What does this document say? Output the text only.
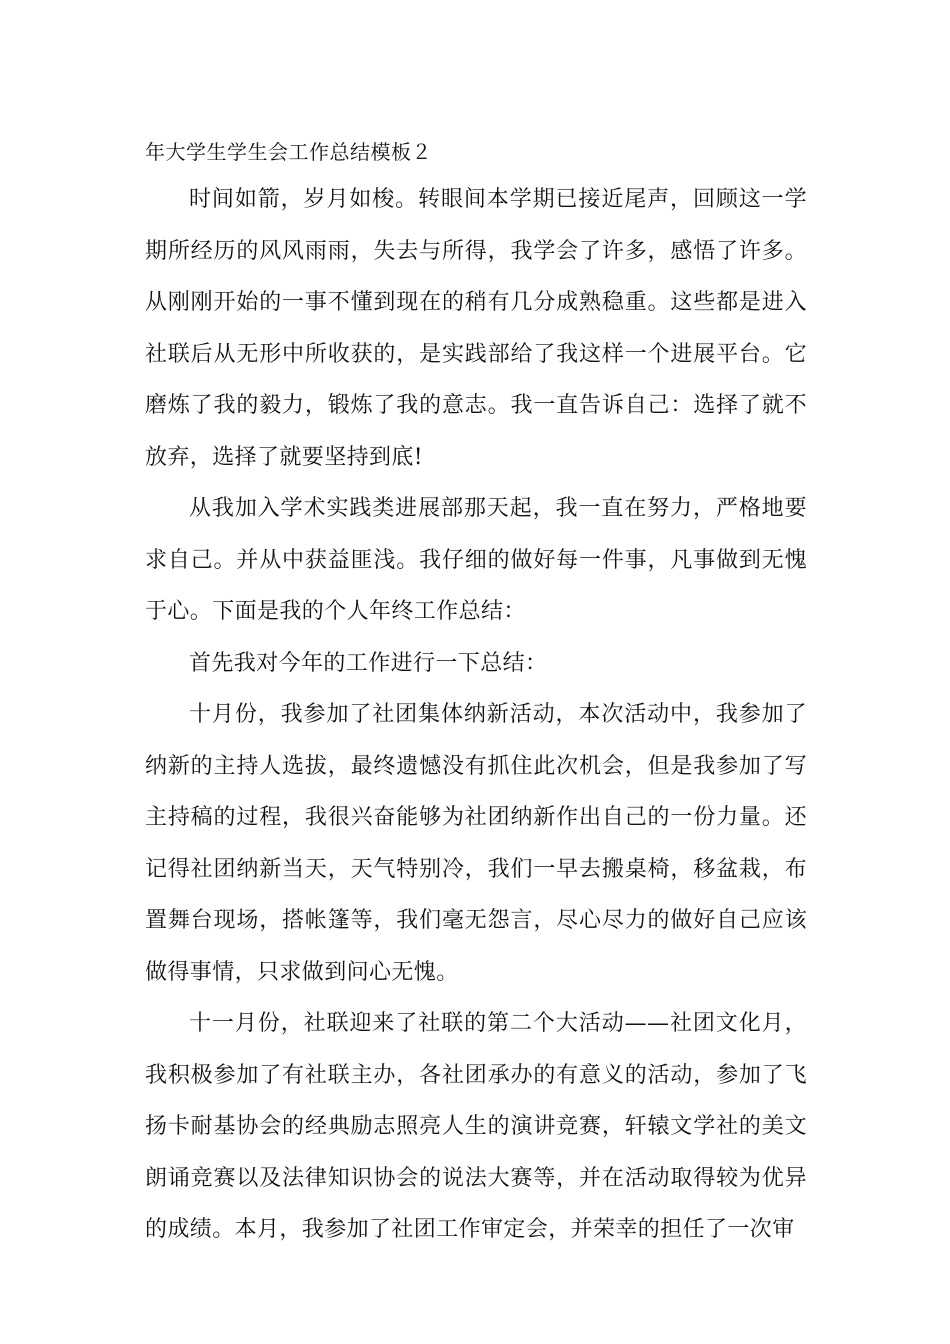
年大学生学生会工作总结模板２

时间如箭，岁月如梭。转眼间本学期已接近尾声，回顾这一学期所经历的风风雨雨，失去与所得，我学会了许多，感悟了许多。从刚刚开始的一事不懂到现在的稍有几分成熟稳重。这些都是进入社联后从无形中所收获的，是实践部给了我这样一个进展平台。它磨炼了我的毅力，锻炼了我的意志。我一直告诉自己：选择了就不放弃，选择了就要坚持到底!

从我加入学术实践类进展部那天起，我一直在努力，严格地要求自己。并从中获益匪浅。我仔细的做好每一件事，凡事做到无愧于心。下面是我的个人年终工作总结：

首先我对今年的工作进行一下总结：

十月份，我参加了社团集体纳新活动，本次活动中，我参加了纳新的主持人选拔，最终遗憾没有抓住此次机会，但是我参加了写主持稿的过程，我很兴奋能够为社团纳新作出自己的一份力量。还记得社团纳新当天，天气特别冷，我们一早去搬桌椅，移盆栽，布置舞台现场，搭帐篷等，我们毫无怨言，尽心尽力的做好自己应该做得事情，只求做到问心无愧。

十一月份，社联迎来了社联的第二个大活动——社团文化月，我积极参加了有社联主办，各社团承办的有意义的活动，参加了飞扬卡耐基协会的经典励志照亮人生的演讲竞赛，轩辕文学社的美文朗诵竞赛以及法律知识协会的说法大赛等，并在活动取得较为优异的成绩。本月，我参加了社团工作审定会，并荣幸的担任了一次审
